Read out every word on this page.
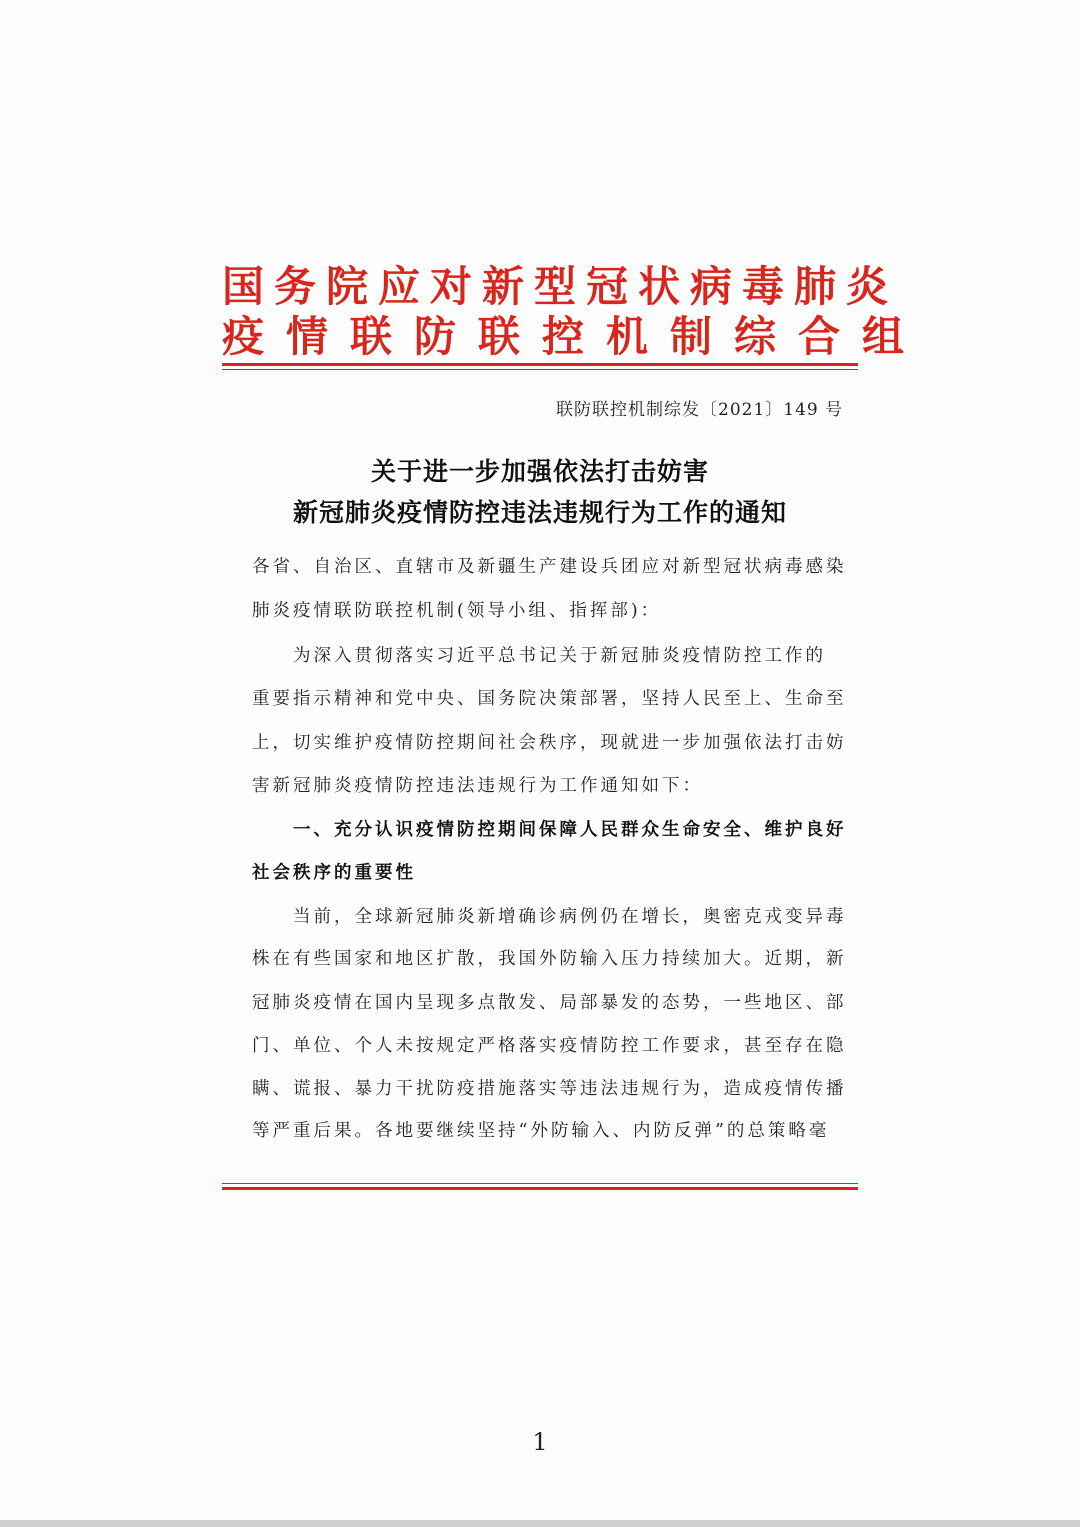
国务院应对新型冠状病毒肺炎
疫情联防联控机制综合组
联防联控机制综发〔2021〕149 号
关于进一步加强依法打击妨害
新冠肺炎疫情防控违法违规行为工作的通知
各省、自治区、直辖市及新疆生产建设兵团应对新型冠状病毒感染
肺炎疫情联防联控机制(领导小组、指挥部)：
　　为深入贯彻落实习近平总书记关于新冠肺炎疫情防控工作的
重要指示精神和党中央、国务院决策部署，坚持人民至上、生命至
上，切实维护疫情防控期间社会秩序，现就进一步加强依法打击妨
害新冠肺炎疫情防控违法违规行为工作通知如下：
　　一、充分认识疫情防控期间保障人民群众生命安全、维护良好
社会秩序的重要性
　　当前，全球新冠肺炎新增确诊病例仍在增长，奥密克戎变异毒
株在有些国家和地区扩散，我国外防输入压力持续加大。近期，新
冠肺炎疫情在国内呈现多点散发、局部暴发的态势，一些地区、部
门、单位、个人未按规定严格落实疫情防控工作要求，甚至存在隐
瞒、谎报、暴力干扰防疫措施落实等违法违规行为，造成疫情传播
等严重后果。各地要继续坚持“外防输入、内防反弹”的总策略毫
1
